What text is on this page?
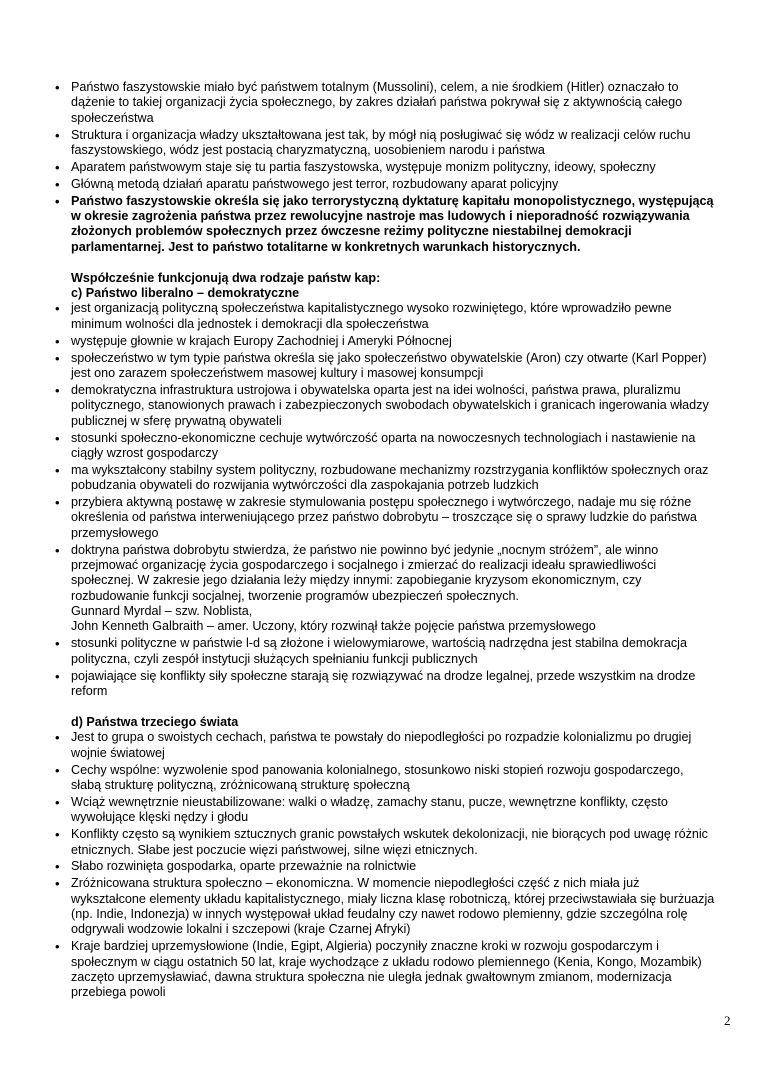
• Państwo faszystowskie miało być państwem totalnym (Mussolini), celem, a nie środkiem (Hitler) oznaczało to dążenie to takiej organizacji życia społecznego, by zakres działań państwa pokrywał się z aktywnością całego społeczeństwa
• Struktura i organizacja władzy ukształtowana jest tak, by mógł nią posługiwać się wódz w realizacji celów ruchu faszystowskiego, wódz jest postacią charyzmatyczną, uosobieniem narodu i państwa
• Aparatem państwowym staje się tu partia faszystowska, występuje monizm polityczny, ideowy, społeczny
• Główną metodą działań aparatu państwowego jest terror, rozbudowany aparat policyjny
• Państwo faszystowskie określa się jako terrorystyczną dyktaturę kapitału monopolistycznego, występującą w okresie zagrożenia państwa przez rewolucyjne nastroje mas ludowych i nieporadność rozwiązywania złożonych problemów społecznych przez ówczesne reżimy polityczne niestabilnej demokracji parlamentarnej. Jest to państwo totalitarne w konkretnych warunkach historycznych.
Współcześnie funkcjonują dwa rodzaje państw kap:
c) Państwo liberalno – demokratyczne
• jest organizacją polityczną społeczeństwa kapitalistycznego wysoko rozwiniętego, które wprowadziło pewne minimum wolności dla jednostek i demokracji dla społeczeństwa
• występuje głownie w krajach Europy Zachodniej i Ameryki Północnej
• społeczeństwo w tym typie państwa określa się jako społeczeństwo obywatelskie (Aron) czy otwarte (Karl Popper) jest ono zarazem społeczeństwem masowej kultury i masowej konsumpcji
• demokratyczna infrastruktura ustrojowa i obywatelska oparta jest na idei wolności, państwa prawa, pluralizmu politycznego, stanowionych prawach i zabezpieczonych swobodach obywatelskich i granicach ingerowania władzy publicznej w sferę prywatną obywateli
• stosunki społeczno-ekonomiczne cechuje wytwórczość oparta na nowoczesnych technologiach i nastawienie na ciągły wzrost gospodarczy
• ma wykształcony stabilny system polityczny, rozbudowane mechanizmy rozstrzygania konfliktów społecznych oraz pobudzania obywateli do rozwijania wytwórczości dla zaspokajania potrzeb ludzkich
• przybiera aktywną postawę w zakresie stymulowania postępu społecznego i wytwórczego, nadaje mu się różne określenia od państwa interweniującego przez państwo dobrobytu – troszczące się o sprawy ludzkie do państwa przemysłowego
• doktryna państwa dobrobytu stwierdza, że państwo nie powinno być jedynie „nocnym stróżem”, ale winno przejmować organizację życia gospodarczego i socjalnego i zmierzać do realizacji ideału sprawiedliwości społecznej. W zakresie jego działania leży między innymi: zapobieganie kryzysom ekonomicznym, czy rozbudowanie funkcji socjalnej, tworzenie programów ubezpieczeń społecznych.
Gunnard Myrdal – szw. Noblista,
John Kenneth Galbraith – amer. Uczony, który rozwinął także pojęcie państwa przemysłowego
• stosunki polityczne w państwie l-d są złożone i wielowymiarowe, wartością nadrzędna jest stabilna demokracja polityczna, czyli zespół instytucji służących spełnianiu funkcji publicznych
• pojawiające się konflikty siły społeczne starają się rozwiązywać na drodze legalnej, przede wszystkim na drodze reform
d) Państwa trzeciego świata
• Jest to grupa o swoistych cechach, państwa te powstały do niepodległości po rozpadzie kolonializmu po drugiej wojnie światowej
• Cechy wspólne: wyzwolenie spod panowania kolonialnego, stosunkowo niski stopień rozwoju gospodarczego, słabą strukturę polityczną, zróżnicowaną strukturę społeczną
• Wciąż wewnętrznie nieustabilizowane: walki o władzę, zamachy stanu, pucze, wewnętrzne konflikty, często wywołujące klęski nędzy i głodu
• Konflikty często są wynikiem sztucznych granic powstałych wskutek dekolonizacji, nie biorących pod uwagę różnic etnicznych. Słabe jest poczucie więzi państwowej, silne więzi etnicznych.
• Słabo rozwinięta gospodarka, oparte przeważnie na rolnictwie
• Zróżnicowana struktura społeczno – ekonomiczna. W momencie niepodległości część z nich miała już wykształcone elementy układu kapitalistycznego, miały liczna klasę robotniczą, której przeciwstawiała się burżuazja (np. Indie, Indonezja) w innych występował układ feudalny czy nawet rodowo plemienny, gdzie szczególna rolę odgrywali wodzowie lokalni i szczepowi (kraje Czarnej Afryki)
• Kraje bardziej uprzemysłowione (Indie, Egipt, Algieria) poczyniły znaczne kroki w rozwoju gospodarczym i społecznym w ciągu ostatnich 50 lat, kraje wychodzące z układu rodowo plemiennego (Kenia, Kongo, Mozambik) zaczęto uprzemysławiać, dawna struktura społeczna nie uległa jednak gwałtownym zmianom, modernizacja przebiega powoli
2
